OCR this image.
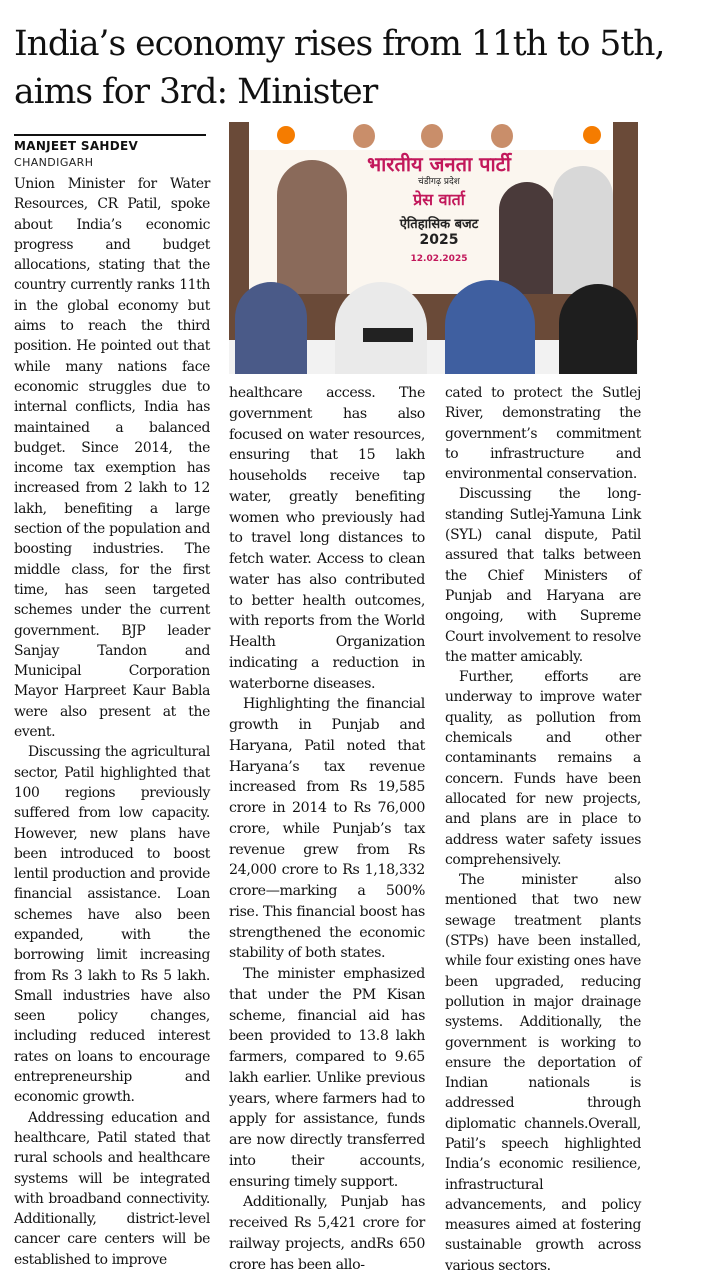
India’s economy rises from 11th to 5th, aims for 3rd: Minister
MANJEET SAHDEV
CHANDIGARH	भारतीय जनता पार्टी
चंडीगढ़ प्रदेश
प्रेस वार्ता
ऐतिहासिक बजट
2025
12.02.2025

Union Minister for Water Resources, CR Patil, spoke about India’s economic progress and budget allocations, stating that the country currently ranks 11th in the global economy but aims to reach the third position. He pointed out that while many nations face economic struggles due to internal conflicts, India has maintained a balanced budget. Since 2014, the income tax exemption has increased from 2 lakh to 12 lakh, benefiting a large section of the population and boosting industries. The middle class, for the first time, has seen targeted schemes under the current government. BJP leader Sanjay Tandon and Municipal Corporation Mayor Harpreet Kaur Babla were also present at the event.

Discussing the agricultural sector, Patil highlighted that 100 regions previously suffered from low capacity. However, new plans have been introduced to boost lentil production and provide financial assistance. Loan schemes have also been expanded, with the borrowing limit increasing from Rs 3 lakh to Rs 5 lakh. Small industries have also seen policy changes, including reduced interest rates on loans to encourage entrepreneurship and economic growth.

Addressing education and healthcare, Patil stated that rural schools and healthcare systems will be integrated with broadband connectivity. Additionally, district-level cancer care centers will be established to improve

healthcare access. The government has also focused on water resources, ensuring that 15 lakh households receive tap water, greatly benefiting women who previously had to travel long distances to fetch water. Access to clean water has also contributed to better health outcomes, with reports from the World Health Organization indicating a reduction in waterborne diseases.

Highlighting the financial growth in Punjab and Haryana, Patil noted that Haryana’s tax revenue increased from Rs 19,585 crore in 2014 to Rs 76,000 crore, while Punjab’s tax revenue grew from Rs 24,000 crore to Rs 1,18,332 crore—marking a 500% rise. This financial boost has strengthened the economic stability of both states.

The minister emphasized that under the PM Kisan scheme, financial aid has been provided to 13.8 lakh farmers, compared to 9.65 lakh earlier. Unlike previous years, where farmers had to apply for assistance, funds are now directly transferred into their accounts, ensuring timely support.

Additionally, Punjab has received Rs 5,421 crore for railway projects, andRs 650 crore has been allo-

cated to protect the Sutlej River, demonstrating the government’s commitment to infrastructure and environmental conservation.

Discussing the long-standing Sutlej-Yamuna Link (SYL) canal dispute, Patil assured that talks between the Chief Ministers of Punjab and Haryana are ongoing, with Supreme Court involvement to resolve the matter amicably.

Further, efforts are underway to improve water quality, as pollution from chemicals and other contaminants remains a concern. Funds have been allocated for new projects, and plans are in place to address water safety issues comprehensively.

The minister also mentioned that two new sewage treatment plants (STPs) have been installed, while four existing ones have been upgraded, reducing pollution in major drainage systems. Additionally, the government is working to ensure the deportation of Indian nationals is addressed through diplomatic channels.Overall, Patil’s speech highlighted India’s economic resilience, infrastructural advancements, and policy measures aimed at fostering sustainable growth across various sectors.
